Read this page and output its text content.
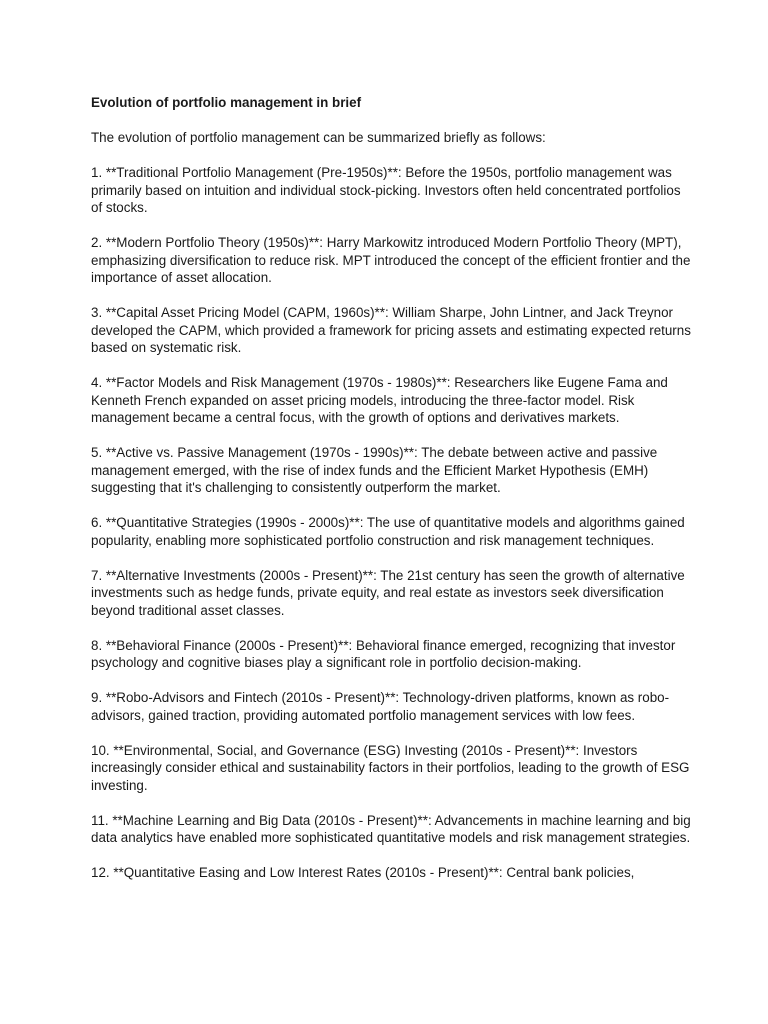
Evolution of portfolio management in brief
The evolution of portfolio management can be summarized briefly as follows:
1. **Traditional Portfolio Management (Pre-1950s)**: Before the 1950s, portfolio management was primarily based on intuition and individual stock-picking. Investors often held concentrated portfolios of stocks.
2. **Modern Portfolio Theory (1950s)**: Harry Markowitz introduced Modern Portfolio Theory (MPT), emphasizing diversification to reduce risk. MPT introduced the concept of the efficient frontier and the importance of asset allocation.
3. **Capital Asset Pricing Model (CAPM, 1960s)**: William Sharpe, John Lintner, and Jack Treynor developed the CAPM, which provided a framework for pricing assets and estimating expected returns based on systematic risk.
4. **Factor Models and Risk Management (1970s - 1980s)**: Researchers like Eugene Fama and Kenneth French expanded on asset pricing models, introducing the three-factor model. Risk management became a central focus, with the growth of options and derivatives markets.
5. **Active vs. Passive Management (1970s - 1990s)**: The debate between active and passive management emerged, with the rise of index funds and the Efficient Market Hypothesis (EMH) suggesting that it's challenging to consistently outperform the market.
6. **Quantitative Strategies (1990s - 2000s)**: The use of quantitative models and algorithms gained popularity, enabling more sophisticated portfolio construction and risk management techniques.
7. **Alternative Investments (2000s - Present)**: The 21st century has seen the growth of alternative investments such as hedge funds, private equity, and real estate as investors seek diversification beyond traditional asset classes.
8. **Behavioral Finance (2000s - Present)**: Behavioral finance emerged, recognizing that investor psychology and cognitive biases play a significant role in portfolio decision-making.
9. **Robo-Advisors and Fintech (2010s - Present)**: Technology-driven platforms, known as robo-advisors, gained traction, providing automated portfolio management services with low fees.
10. **Environmental, Social, and Governance (ESG) Investing (2010s - Present)**: Investors increasingly consider ethical and sustainability factors in their portfolios, leading to the growth of ESG investing.
11. **Machine Learning and Big Data (2010s - Present)**: Advancements in machine learning and big data analytics have enabled more sophisticated quantitative models and risk management strategies.
12. **Quantitative Easing and Low Interest Rates (2010s - Present)**: Central bank policies,
